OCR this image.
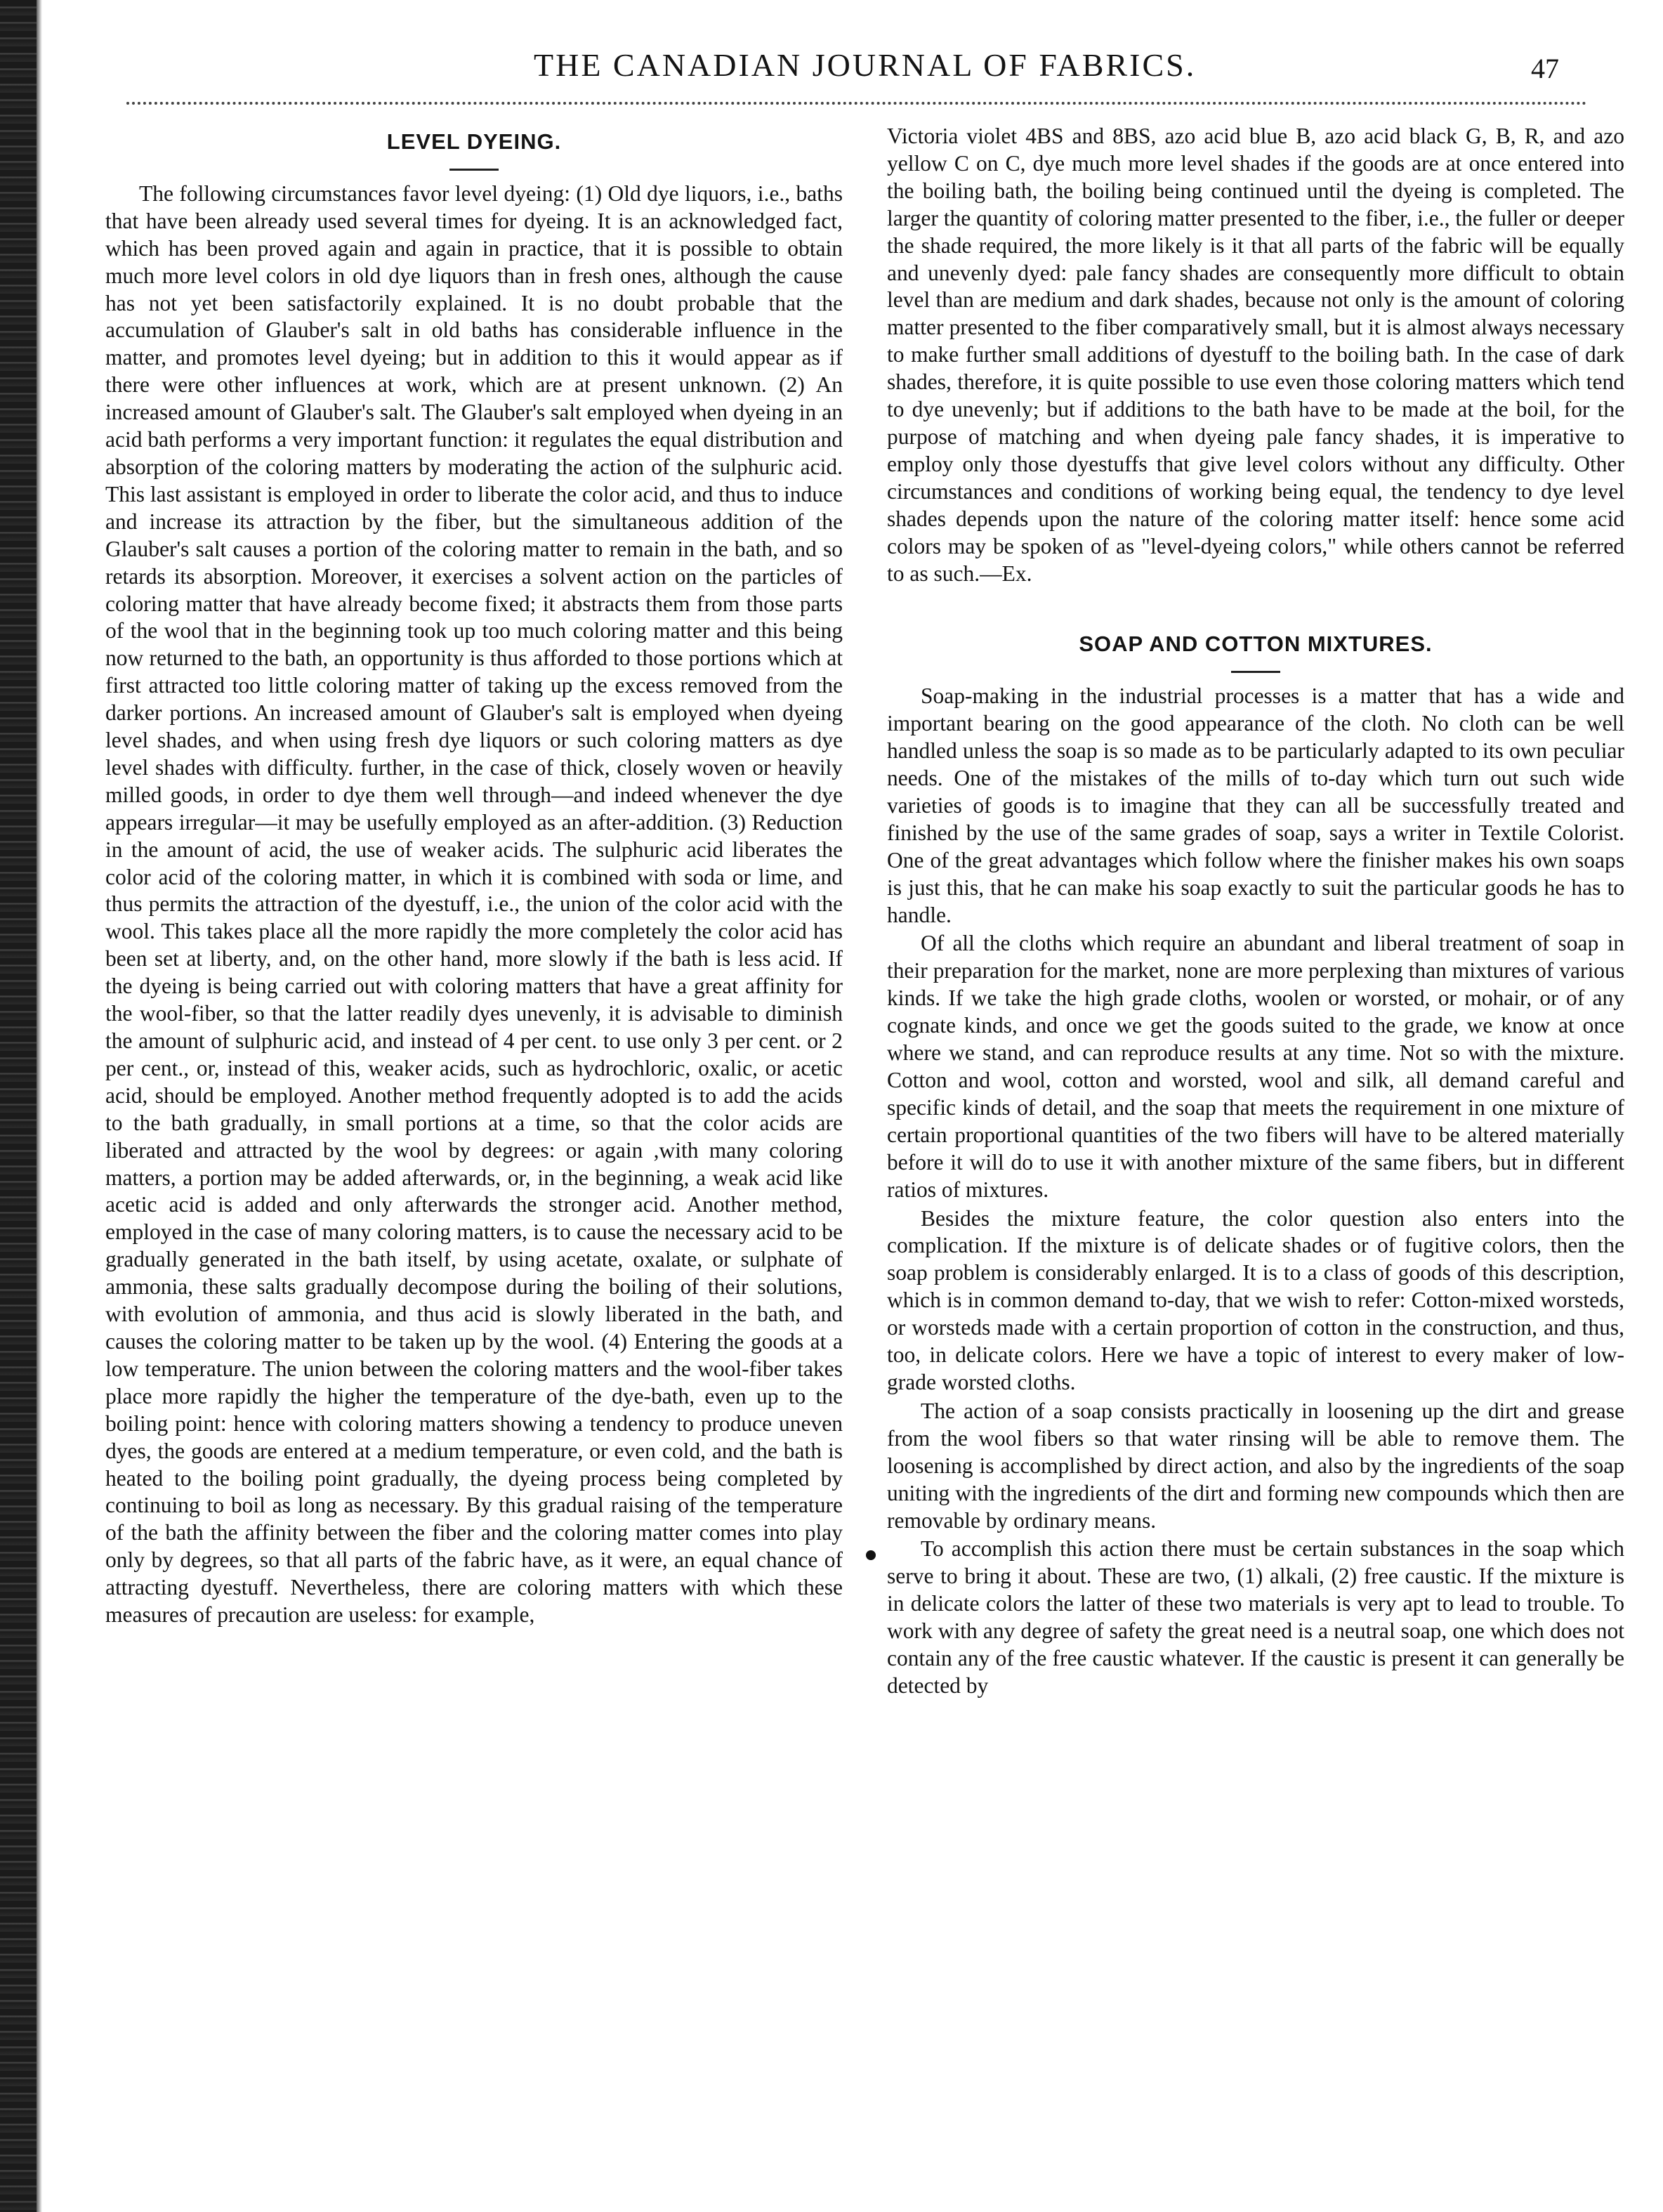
THE CANADIAN JOURNAL OF FABRICS.	47
LEVEL DYEING.

The following circumstances favor level dyeing: (1) Old dye liquors, i.e., baths that have been already used several times for dyeing. It is an acknowledged fact, which has been proved again and again in practice, that it is possible to obtain much more level colors in old dye liquors than in fresh ones, although the cause has not yet been satisfactorily explained. It is no doubt probable that the accumulation of Glauber's salt in old baths has considerable influence in the matter, and promotes level dyeing; but in addition to this it would appear as if there were other influences at work, which are at present unknown. (2) An increased amount of Glauber's salt. The Glauber's salt employed when dyeing in an acid bath performs a very important function: it regulates the equal distribution and absorption of the coloring matters by moderating the action of the sulphuric acid. This last assistant is employed in order to liberate the color acid, and thus to induce and increase its attraction by the fiber, but the simultaneous addition of the Glauber's salt causes a portion of the coloring matter to remain in the bath, and so retards its absorption. Moreover, it exercises a solvent action on the particles of coloring matter that have already become fixed; it abstracts them from those parts of the wool that in the beginning took up too much coloring matter and this being now returned to the bath, an opportunity is thus afforded to those portions which at first attracted too little coloring matter of taking up the excess removed from the darker portions. An increased amount of Glauber's salt is employed when dyeing level shades, and when using fresh dye liquors or such coloring matters as dye level shades with difficulty. further, in the case of thick, closely woven or heavily milled goods, in order to dye them well through—and indeed whenever the dye appears irregular—it may be usefully employed as an after-addition. (3) Reduction in the amount of acid, the use of weaker acids. The sulphuric acid liberates the color acid of the coloring matter, in which it is combined with soda or lime, and thus permits the attraction of the dyestuff, i.e., the union of the color acid with the wool. This takes place all the more rapidly the more completely the color acid has been set at liberty, and, on the other hand, more slowly if the bath is less acid. If the dyeing is being carried out with coloring matters that have a great affinity for the wool-fiber, so that the latter readily dyes unevenly, it is advisable to diminish the amount of sulphuric acid, and instead of 4 per cent. to use only 3 per cent. or 2 per cent., or, instead of this, weaker acids, such as hydrochloric, oxalic, or acetic acid, should be employed. Another method frequently adopted is to add the acids to the bath gradually, in small portions at a time, so that the color acids are liberated and attracted by the wool by degrees: or again ,with many coloring matters, a portion may be added afterwards, or, in the beginning, a weak acid like acetic acid is added and only afterwards the stronger acid. Another method, employed in the case of many coloring matters, is to cause the necessary acid to be gradually generated in the bath itself, by using acetate, oxalate, or sulphate of ammonia, these salts gradually decompose during the boiling of their solutions, with evolution of ammonia, and thus acid is slowly liberated in the bath, and causes the coloring matter to be taken up by the wool. (4) Entering the goods at a low temperature. The union between the coloring matters and the wool-fiber takes place more rapidly the higher the temperature of the dye-bath, even up to the boiling point: hence with coloring matters showing a tendency to produce uneven dyes, the goods are entered at a medium temperature, or even cold, and the bath is heated to the boiling point gradually, the dyeing process being completed by continuing to boil as long as necessary. By this gradual raising of the temperature of the bath the affinity between the fiber and the coloring matter comes into play only by degrees, so that all parts of the fabric have, as it were, an equal chance of attracting dyestuff. Nevertheless, there are coloring matters with which these measures of precaution are useless: for example,

Victoria violet 4BS and 8BS, azo acid blue B, azo acid black G, B, R, and azo yellow C on C, dye much more level shades if the goods are at once entered into the boiling bath, the boiling being continued until the dyeing is completed. The larger the quantity of coloring matter presented to the fiber, i.e., the fuller or deeper the shade required, the more likely is it that all parts of the fabric will be equally and unevenly dyed: pale fancy shades are consequently more difficult to obtain level than are medium and dark shades, because not only is the amount of coloring matter presented to the fiber comparatively small, but it is almost always necessary to make further small additions of dyestuff to the boiling bath. In the case of dark shades, therefore, it is quite possible to use even those coloring matters which tend to dye unevenly; but if additions to the bath have to be made at the boil, for the purpose of matching and when dyeing pale fancy shades, it is imperative to employ only those dyestuffs that give level colors without any difficulty. Other circumstances and conditions of working being equal, the tendency to dye level shades depends upon the nature of the coloring matter itself: hence some acid colors may be spoken of as "level-dyeing colors," while others cannot be referred to as such.—Ex.

SOAP AND COTTON MIXTURES.

Soap-making in the industrial processes is a matter that has a wide and important bearing on the good appearance of the cloth. No cloth can be well handled unless the soap is so made as to be particularly adapted to its own peculiar needs. One of the mistakes of the mills of to-day which turn out such wide varieties of goods is to imagine that they can all be successfully treated and finished by the use of the same grades of soap, says a writer in Textile Colorist. One of the great advantages which follow where the finisher makes his own soaps is just this, that he can make his soap exactly to suit the particular goods he has to handle.

Of all the cloths which require an abundant and liberal treatment of soap in their preparation for the market, none are more perplexing than mixtures of various kinds. If we take the high grade cloths, woolen or worsted, or mohair, or of any cognate kinds, and once we get the goods suited to the grade, we know at once where we stand, and can reproduce results at any time. Not so with the mixture. Cotton and wool, cotton and worsted, wool and silk, all demand careful and specific kinds of detail, and the soap that meets the requirement in one mixture of certain proportional quantities of the two fibers will have to be altered materially before it will do to use it with another mixture of the same fibers, but in different ratios of mixtures.

Besides the mixture feature, the color question also enters into the complication. If the mixture is of delicate shades or of fugitive colors, then the soap problem is considerably enlarged. It is to a class of goods of this description, which is in common demand to-day, that we wish to refer: Cotton-mixed worsteds, or worsteds made with a certain proportion of cotton in the construction, and thus, too, in delicate colors. Here we have a topic of interest to every maker of low-grade worsted cloths.

The action of a soap consists practically in loosening up the dirt and grease from the wool fibers so that water rinsing will be able to remove them. The loosening is accomplished by direct action, and also by the ingredients of the soap uniting with the ingredients of the dirt and forming new compounds which then are removable by ordinary means.

To accomplish this action there must be certain substances in the soap which serve to bring it about. These are two, (1) alkali, (2) free caustic. If the mixture is in delicate colors the latter of these two materials is very apt to lead to trouble. To work with any degree of safety the great need is a neutral soap, one which does not contain any of the free caustic whatever. If the caustic is present it can generally be detected by
